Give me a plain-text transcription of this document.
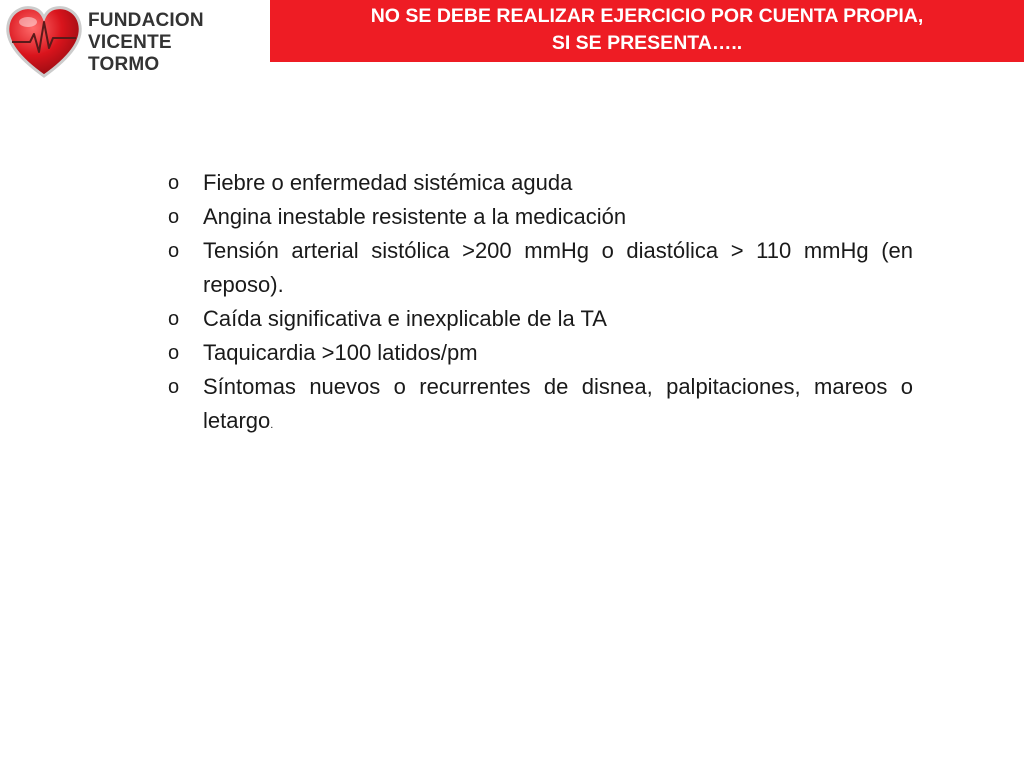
FUNDACION
VICENTE TORMO
NO SE DEBE REALIZAR EJERCICIO POR CUENTA PROPIA,
SI SE PRESENTA…..
o	Fiebre o enfermedad sistémica aguda
o	Angina inestable resistente a la medicación
o	Tensión arterial sistólica >200 mmHg o diastólica > 110 mmHg (en reposo).
o	Caída significativa e inexplicable de la TA
o	Taquicardia >100 latidos/pm
o	Síntomas nuevos o recurrentes de disnea, palpitaciones, mareos o letargo.
